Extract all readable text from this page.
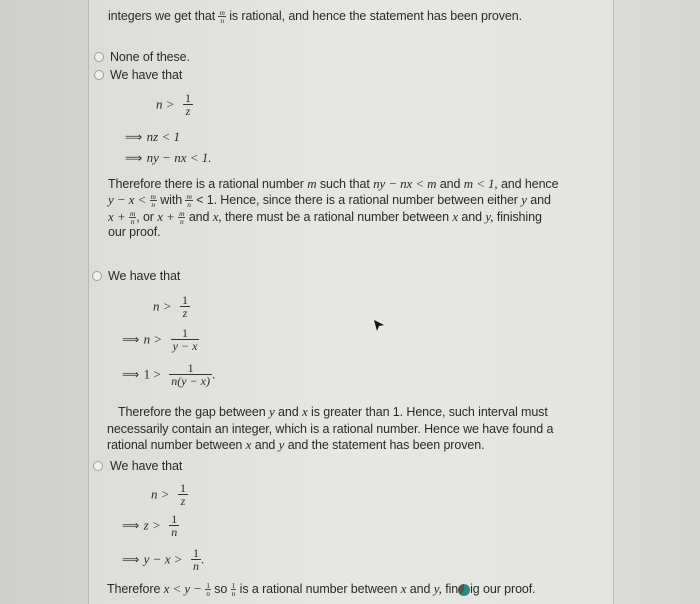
integers we get that $\frac{m}{n}$ is rational, and hence the statement has been proven.
None of these.
We have that
$n > \frac{1}{z}$
⟹ nz < 1
⟹ ny − nx < 1.
Therefore there is a rational number m such that ny − nx < m and m < 1, and hence
$y - x < \frac{m}{n}$ with $\frac{m}{n} < 1$. Hence, since there is a rational number between either y and
$x + \frac{m}{n}$ , or $x + \frac{m}{n}$ and x, there must be a rational number between x and y, finishing
our proof.
We have that
$n > \frac{1}{z}$
⟹ $n > \frac{1}{y - x}$
⟹ $1 > \frac{1}{n(y - x)}$ .
Therefore the gap between y and x is greater than 1. Hence, such interval must
necessarily contain an integer, which is a rational number. Hence we have found a
rational number between x and y and the statement has been proven.
We have that
$n > \frac{1}{z}$
⟹ $z > \frac{1}{n}$
⟹ $y - x > \frac{1}{n}$ .
Therefore $x < y - \frac{1}{n}$ so $\frac{1}{n}$ is a rational number between x and y, fin ig our proof.
